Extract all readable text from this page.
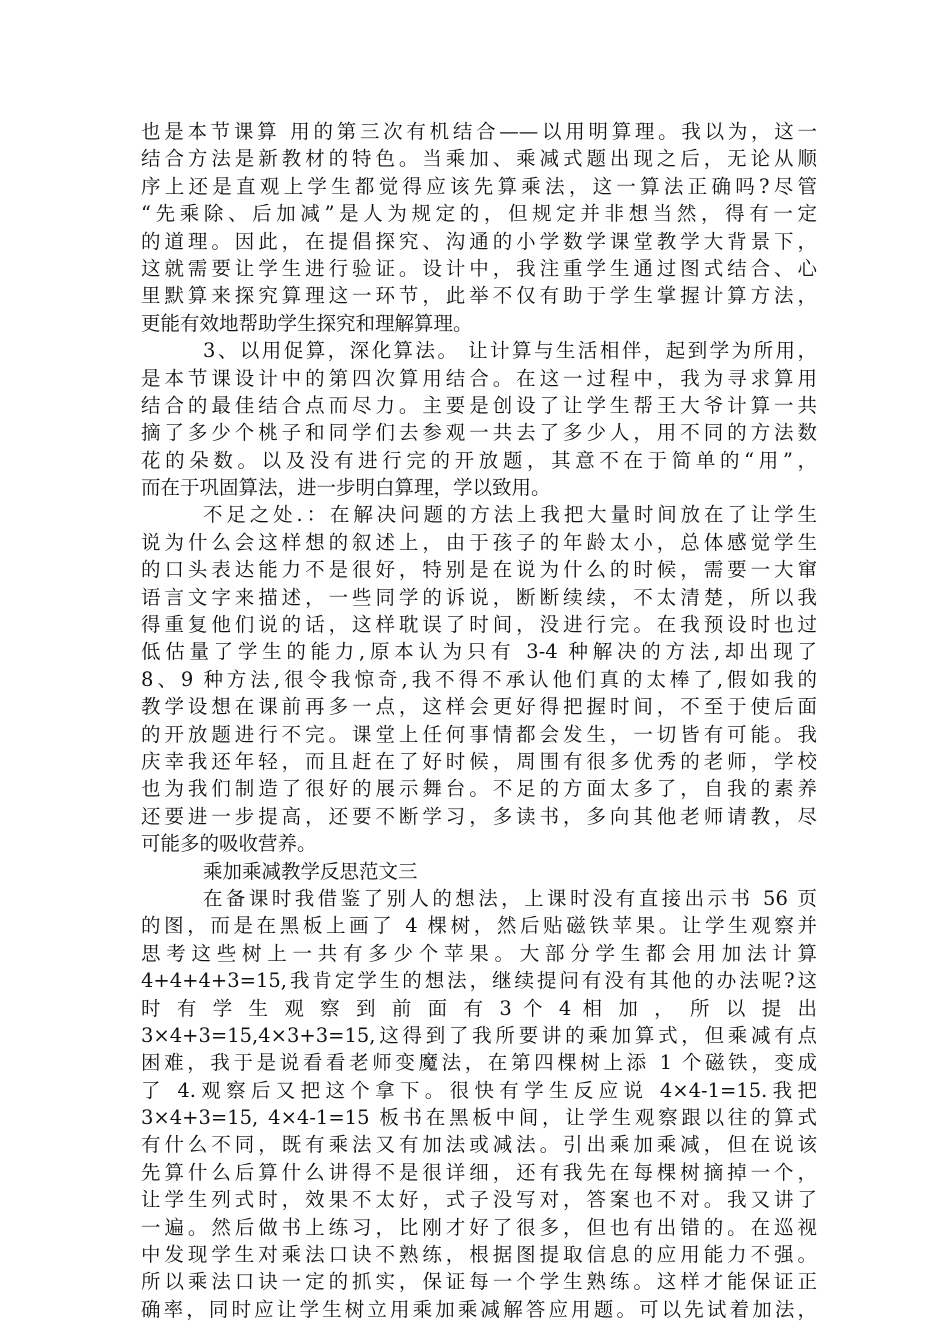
也是本节课算 用的第三次有机结合——以用明算理。我以为，这一
结合方法是新教材的特色。当乘加、乘减式题出现之后，无论从顺
序上还是直观上学生都觉得应该先算乘法，这一算法正确吗?尽管
“先乘除、后加减”是人为规定的，但规定并非想当然，得有一定
的道理。因此，在提倡探究、沟通的小学数学课堂教学大背景下，
这就需要让学生进行验证。设计中，我注重学生通过图式结合、心
里默算来探究算理这一环节，此举不仅有助于学生掌握计算方法，
更能有效地帮助学生探究和理解算理。
3、以用促算，深化算法。 让计算与生活相伴，起到学为所用，
是本节课设计中的第四次算用结合。在这一过程中，我为寻求算用
结合的最佳结合点而尽力。主要是创设了让学生帮王大爷计算一共
摘了多少个桃子和同学们去参观一共去了多少人，用不同的方法数
花的朵数。以及没有进行完的开放题，其意不在于简单的“用”，
而在于巩固算法，进一步明白算理，学以致用。
不足之处.：在解决问题的方法上我把大量时间放在了让学生
说为什么会这样想的叙述上，由于孩子的年龄太小，总体感觉学生
的口头表达能力不是很好，特别是在说为什么的时候，需要一大窜
语言文字来描述，一些同学的诉说，断断续续，不太清楚，所以我
得重复他们说的话，这样耽误了时间，没进行完。在我预设时也过
低估量了学生的能力,原本认为只有 3-4 种解决的方法,却出现了
8、9 种方法,很令我惊奇,我不得不承认他们真的太棒了,假如我的
教学设想在课前再多一点，这样会更好得把握时间，不至于使后面
的开放题进行不完。课堂上任何事情都会发生，一切皆有可能。我
庆幸我还年轻，而且赶在了好时候，周围有很多优秀的老师，学校
也为我们制造了很好的展示舞台。不足的方面太多了，自我的素养
还要进一步提高，还要不断学习，多读书，多向其他老师请教，尽
可能多的吸收营养。
乘加乘减教学反思范文三
在备课时我借鉴了别人的想法，上课时没有直接出示书 56 页
的图，而是在黑板上画了 4 棵树，然后贴磁铁苹果。让学生观察并
思考这些树上一共有多少个苹果。大部分学生都会用加法计算
4+4+4+3=15,我肯定学生的想法，继续提问有没有其他的办法呢?这
时 有 学 生 观 察 到 前 面 有 3 个 4 相 加 ， 所 以 提 出
3×4+3=15,4×3+3=15,这得到了我所要讲的乘加算式，但乘减有点
困难，我于是说看看老师变魔法，在第四棵树上添 1 个磁铁，变成
了 4.观察后又把这个拿下。很快有学生反应说 4×4-1=15.我把
3×4+3=15, 4×4-1=15 板书在黑板中间，让学生观察跟以往的算式
有什么不同，既有乘法又有加法或减法。引出乘加乘减，但在说该
先算什么后算什么讲得不是很详细，还有我先在每棵树摘掉一个，
让学生列式时，效果不太好，式子没写对，答案也不对。我又讲了
一遍。然后做书上练习，比刚才好了很多，但也有出错的。在巡视
中发现学生对乘法口诀不熟练，根据图提取信息的应用能力不强。
所以乘法口诀一定的抓实，保证每一个学生熟练。这样才能保证正
确率，同时应让学生树立用乘加乘减解答应用题。可以先试着加法，
